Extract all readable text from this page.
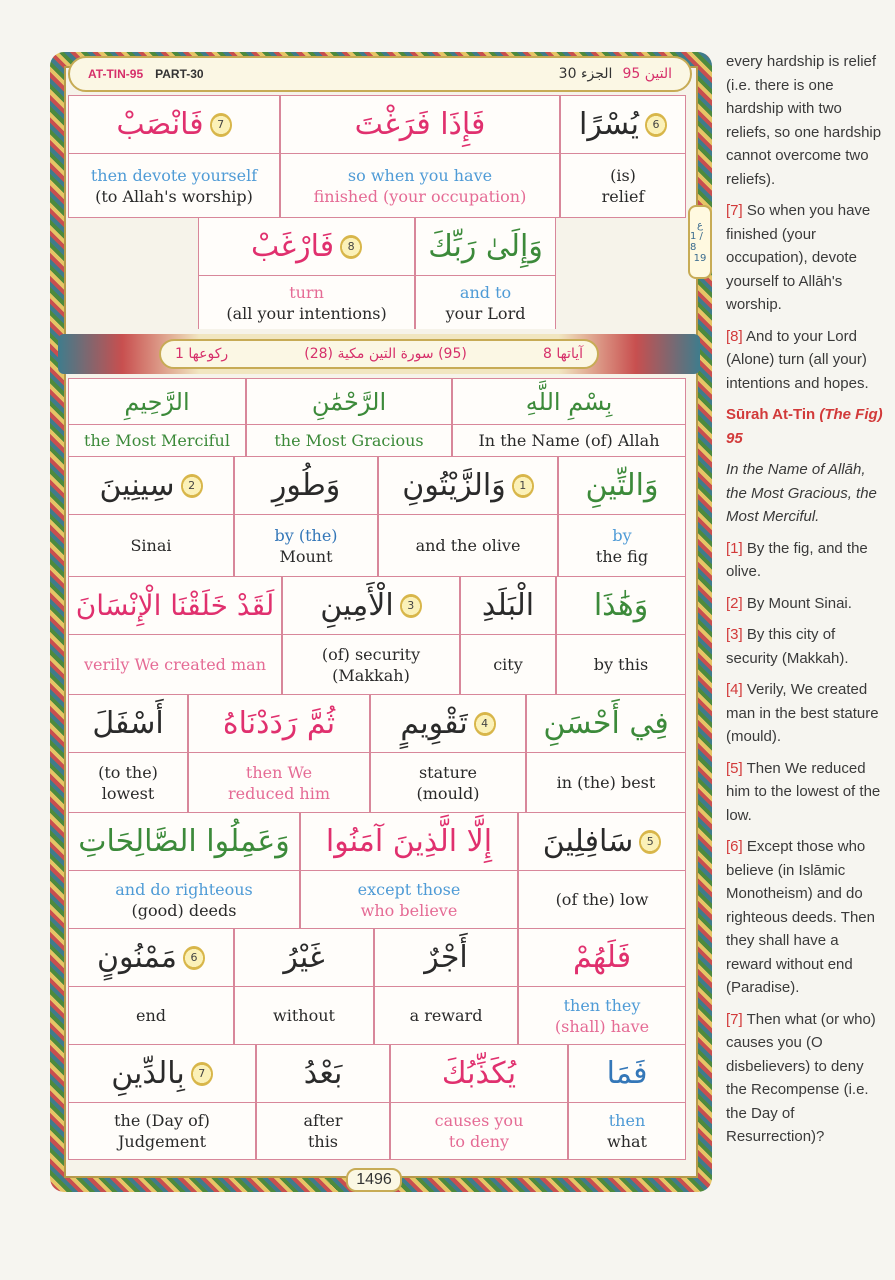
AT-TIN-95 PART-30	التين 95
الجزء 30
ع
1 / 8
19
6
يُسْرًا
(is)
relief
فَإِذَا فَرَغْتَ
so when you have
finished (your occupation)
7
فَانْصَبْ
then devote yourself
(to Allah's worship)
وَإِلَىٰ رَبِّكَ
and to
your Lord
8
فَارْغَبْ
turn
(all your intentions)
آياتها 8
(95) سورة التين مكية (28)
ركوعها 1
بِسْمِ اللَّهِ
In the Name (of) Allah
الرَّحْمَٰنِ
the Most Gracious
الرَّحِيمِ
the Most Merciful
وَالتِّينِ
by
the fig
1
وَالزَّيْتُونِ
and the olive
وَطُورِ
by (the)
Mount
2
سِينِينَ
Sinai
وَهَٰذَا
by this
الْبَلَدِ
city
3
الْأَمِينِ
(of) security
(Makkah)
لَقَدْ خَلَقْنَا الْإِنْسَانَ
verily We created man
فِي أَحْسَنِ
in (the) best
4
تَقْوِيمٍ
stature
(mould)
ثُمَّ رَدَدْنَاهُ
then We
reduced him
أَسْفَلَ
(to the)
lowest
5
سَافِلِينَ
(of the) low
إِلَّا الَّذِينَ آمَنُوا
except those
who believe
وَعَمِلُوا الصَّالِحَاتِ
and do righteous
(good) deeds
فَلَهُمْ
then they
(shall) have
أَجْرٌ
a reward
غَيْرُ
without
6
مَمْنُونٍ
end
فَمَا
then
what
يُكَذِّبُكَ
causes you
to deny
بَعْدُ
after
this
7
بِالدِّينِ
the (Day of)
Judgement
1496

every hardship is relief (i.e. there is one hardship with two reliefs, so one hardship cannot overcome two reliefs).

[7] So when you have finished (your occupation), devote yourself to Allāh's worship.

[8] And to your Lord (Alone) turn (all your) intentions and hopes.

Sūrah At-Tin (The Fig) 95

In the Name of Allāh, the Most Gracious, the Most Merciful.

[1] By the fig, and the olive.

[2] By Mount Sinai.

[3] By this city of security (Makkah).

[4] Verily, We created man in the best stature (mould).

[5] Then We reduced him to the lowest of the low.

[6] Except those who believe (in Islāmic Monotheism) and do righteous deeds. Then they shall have a reward without end (Paradise).

[7] Then what (or who) causes you (O disbelievers) to deny the Recompense (i.e. the Day of Resurrection)?
